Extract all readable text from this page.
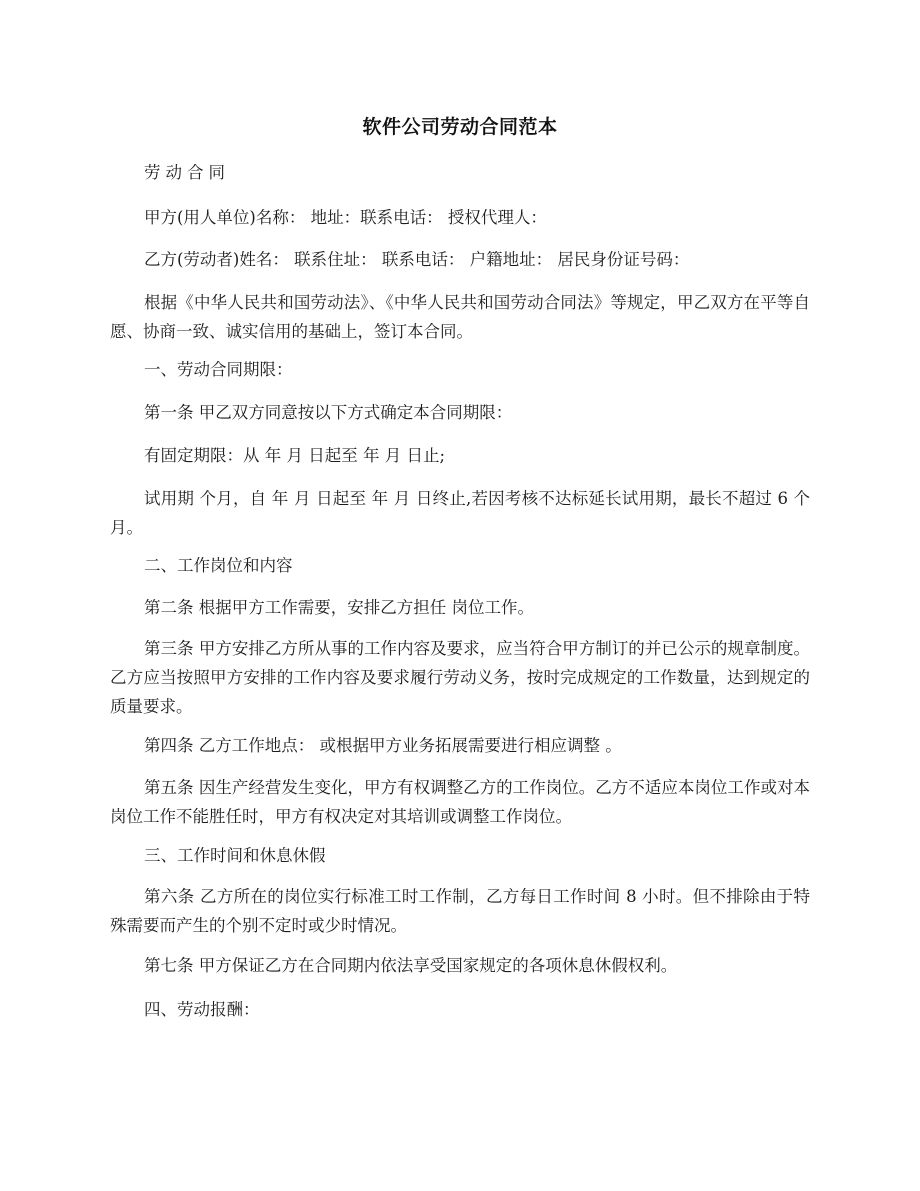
软件公司劳动合同范本
劳动合同
甲方(用人单位)名称： 地址：联系电话： 授权代理人：
乙方(劳动者)姓名： 联系住址： 联系电话： 户籍地址： 居民身份证号码：
根据《中华人民共和国劳动法》、《中华人民共和国劳动合同法》等规定，甲乙双方在平等自愿、协商一致、诚实信用的基础上，签订本合同。
一、劳动合同期限：
第一条 甲乙双方同意按以下方式确定本合同期限：
有固定期限：从 年 月 日起至 年 月 日止;
试用期 个月，自 年 月 日起至 年 月 日终止,若因考核不达标延长试用期，最长不超过 6 个月。
二、工作岗位和内容
第二条 根据甲方工作需要，安排乙方担任 岗位工作。
第三条 甲方安排乙方所从事的工作内容及要求，应当符合甲方制订的并已公示的规章制度。乙方应当按照甲方安排的工作内容及要求履行劳动义务，按时完成规定的工作数量，达到规定的质量要求。
第四条 乙方工作地点： 或根据甲方业务拓展需要进行相应调整 。
第五条 因生产经营发生变化，甲方有权调整乙方的工作岗位。乙方不适应本岗位工作或对本岗位工作不能胜任时，甲方有权决定对其培训或调整工作岗位。
三、工作时间和休息休假
第六条 乙方所在的岗位实行标准工时工作制，乙方每日工作时间 8 小时。但不排除由于特殊需要而产生的个别不定时或少时情况。
第七条 甲方保证乙方在合同期内依法享受国家规定的各项休息休假权利。
四、劳动报酬：
